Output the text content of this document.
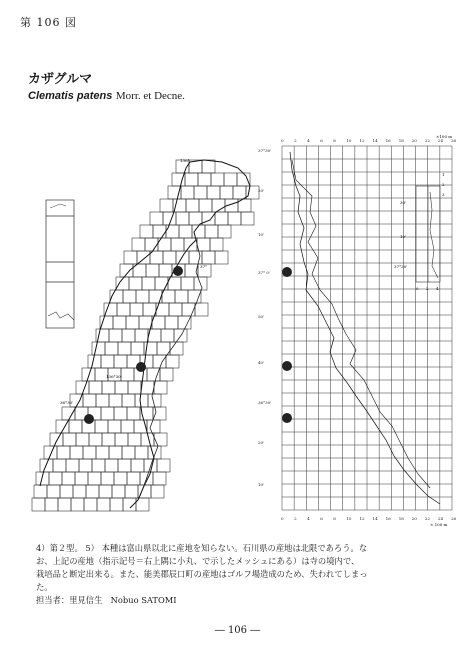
第 106 図
カザグルマ
Clematis patens Morr. et Decne.
136°
136°30'
37°
36°30'
0	2	4	6	8	10 12 14 16 18 20 22 24 26
0	2	4	6	8	10 12 14 16 18 20 22 24 26
37°30'
20'
10'
37° 0'
50'
40'
36°30'
20'
10'
×100 m
× 100 m
30'
10'
37°20'
0 2 4
1
2
3

4）第２型。 5） 本種は富山県以北に産地を知らない。石川県の産地は北限であろう。な

お、上記の産地（指示記号＝右上隅に小丸、で示したメッシュにある）は寺の境内で、

栽培品と断定出来る。また、能美郡辰口町の産地はゴルフ場造成のため、失われてしまっ

た。

担当者：里見信生　Nobuo SATOMI

― 106 ―
